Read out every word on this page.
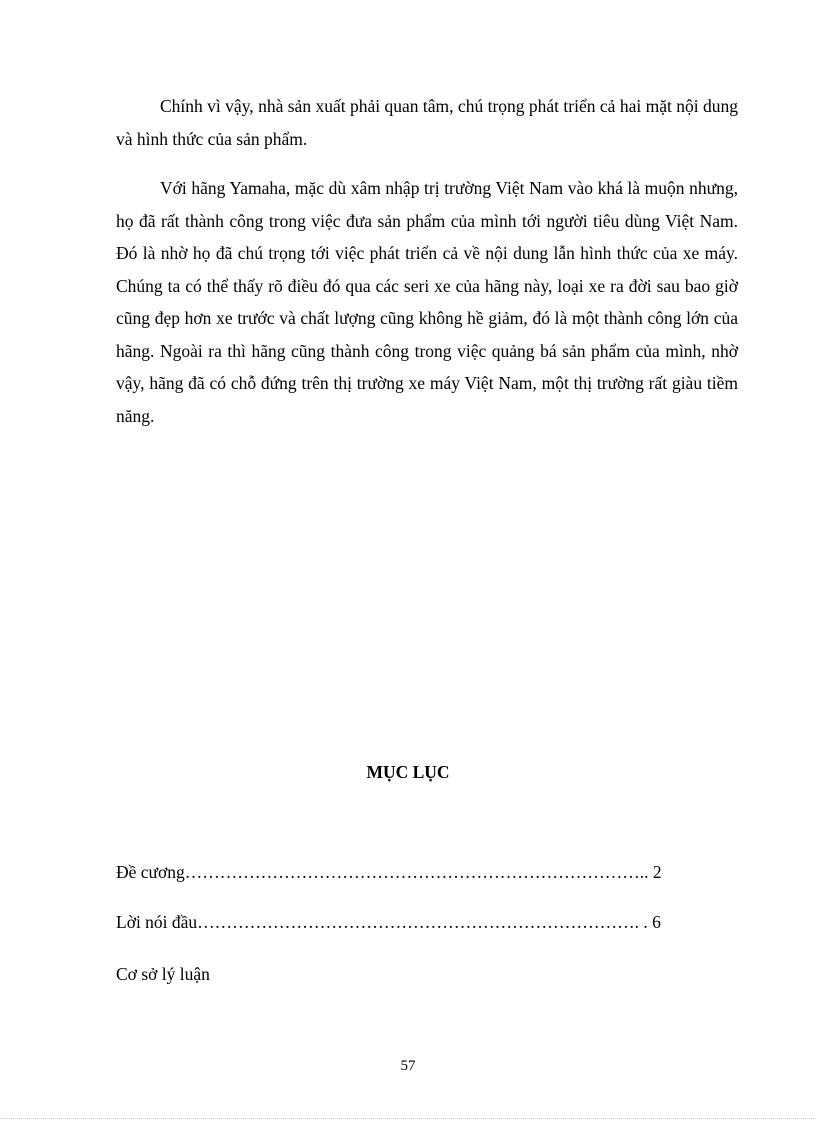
Chính vì vậy, nhà sản xuất phải quan tâm, chú trọng phát triển cả hai mặt nội dung và hình thức của sản phẩm.

Với hãng Yamaha, mặc dù xâm nhập trị trường Việt Nam vào khá là muộn nhưng, họ đã rất thành công trong việc đưa sản phẩm của mình tới người tiêu dùng Việt Nam. Đó là nhờ họ đã chú trọng tới việc phát triển cả về nội dung lẫn hình thức của xe máy. Chúng ta có thể thấy rõ điều đó qua các seri xe của hãng này, loại xe ra đời sau bao giờ cũng đẹp hơn xe trước và chất lượng cũng không hề giảm, đó là một thành công lớn của hãng. Ngoài ra thì hãng cũng thành công trong việc quảng bá sản phẩm của mình, nhờ vậy, hãng đã có chỗ đứng trên thị trường xe máy Việt Nam, một thị trường rất giàu tiềm năng.

MỤC LỤC
Đề cương…………………………………………………………………….. 2
Lời nói đầu…………………………………………………………………. . 6
Cơ sở lý luận
57
